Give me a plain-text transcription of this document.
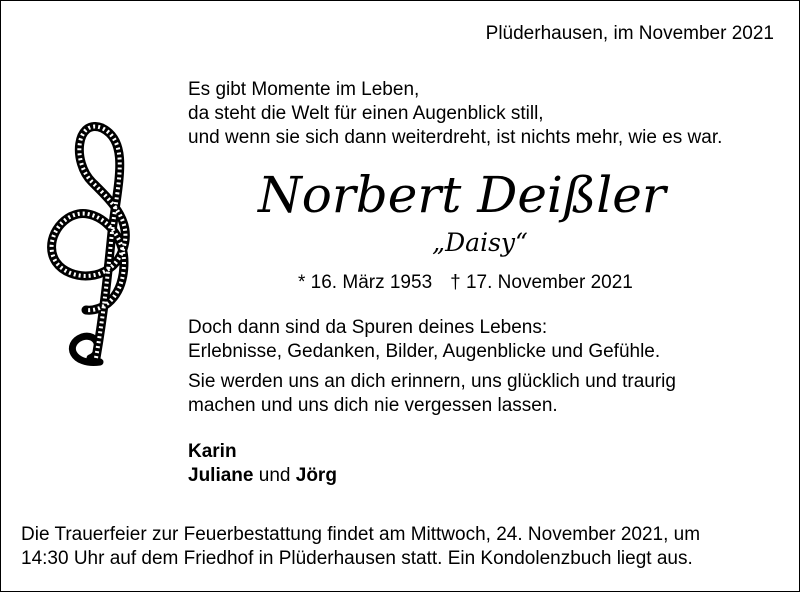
Plüderhausen, im November 2021
Es gibt Momente im Leben,
da steht die Welt für einen Augenblick still,
und wenn sie sich dann weiterdreht, ist nichts mehr, wie es war.
Norbert Deißler
„Daisy“
* 16. März 1953 † 17. November 2021
Doch dann sind da Spuren deines Lebens:
Erlebnisse, Gedanken, Bilder, Augenblicke und Gefühle.
Sie werden uns an dich erinnern, uns glücklich und traurig
machen und uns dich nie vergessen lassen.
Karin
Juliane und Jörg
Die Trauerfeier zur Feuerbestattung findet am Mittwoch, 24. November 2021, um
14:30 Uhr auf dem Friedhof in Plüderhausen statt. Ein Kondolenzbuch liegt aus.
